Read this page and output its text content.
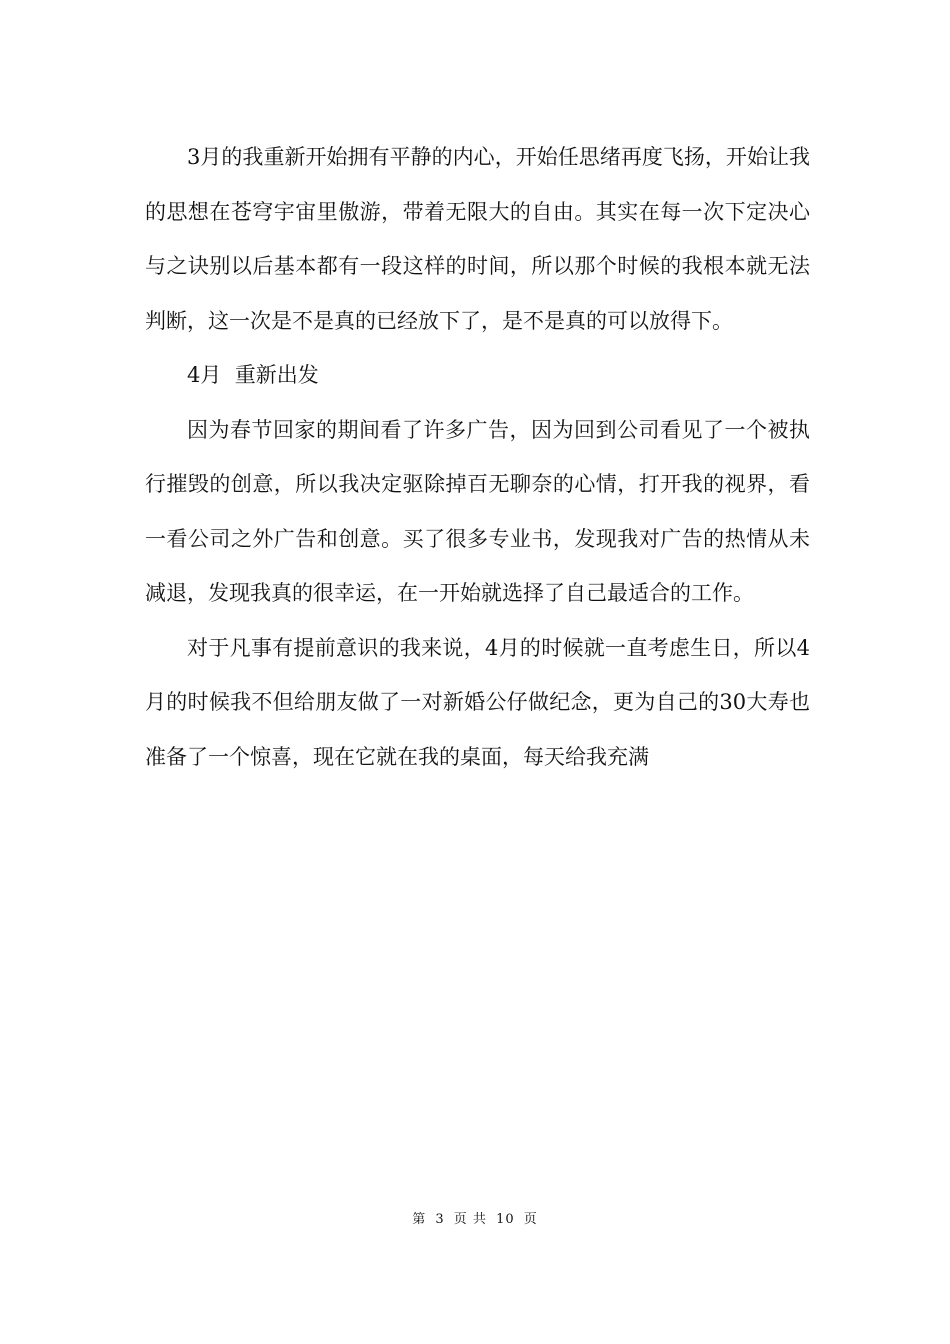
3月的我重新开始拥有平静的内心，开始任思绪再度飞扬，开始让我的思想在苍穹宇宙里傲游，带着无限大的自由。其实在每一次下定决心与之诀别以后基本都有一段这样的时间，所以那个时候的我根本就无法判断，这一次是不是真的已经放下了，是不是真的可以放得下。

4月  重新出发

因为春节回家的期间看了许多广告，因为回到公司看见了一个被执行摧毁的创意，所以我决定驱除掉百无聊奈的心情，打开我的视界，看一看公司之外广告和创意。买了很多专业书，发现我对广告的热情从未减退，发现我真的很幸运，在一开始就选择了自己最适合的工作。

对于凡事有提前意识的我来说，4月的时候就一直考虑生日，所以4月的时候我不但给朋友做了一对新婚公仔做纪念，更为自己的30大寿也准备了一个惊喜，现在它就在我的桌面，每天给我充满

第 3 页 共 10 页
